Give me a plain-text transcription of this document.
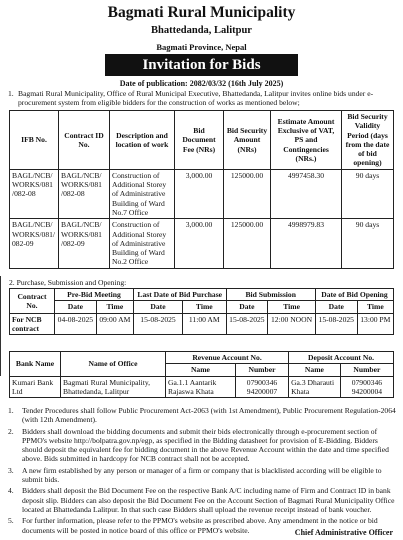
Bagmati Rural Municipality
Bhattedanda, Lalitpur
Bagmati Province, Nepal
Invitation for Bids
Date of publication: 2082/03/32 (16th July 2025)
1. Bagmati Rural Municipality, Office of Rural Municipal Executive, Bhattedanda, Lalitpur invites online bids under e-procurement system from eligible bidders for the construction of works as mentioned below;
IFB No.	Contract ID No.	Description and location of work	Bid Document Fee (NRs)	Bid Security Amount (NRs)	Estimate Amount Exclusive of VAT, PS and Contingencies (NRs.)	Bid Security Validity Period (days from the date of bid opening)
BAGL/NCB/ WORKS/081 /082-08	BAGL/NCB/ WORKS/081 /082-08	Construction of Additional Storey of Administrative Building of Ward No.7 Office	3,000.00	125000.00	4997458.30	90 days
BAGL/NCB/ WORKS/081/ 082-09	BAGL/NCB/ WORKS/081 /082-09	Construction of Additional Storey of Administrative Building of Ward No.2 Office	3,000.00	125000.00	4998979.83	90 days
2. Purchase, Submission and Opening:
Contract No.	Pre-Bid Meeting		Last Date of Bid Purchase		Bid Submission		Date of Bid Opening	
	Date	Time	Date	Time	Date	Time	Date	Time
For NCB contract	04-08-2025	09:00 AM	15-08-2025	11:00 AM	15-08-2025	12:00 NOON	15-08-2025	13:00 PM
Bank Name	Name of Office	Revenue Account No.		Deposit Account No.	
		Name	Number	Name	Number
Kumari Bank Ltd	Bagmati Rural Municipality, Bhattedanda, Lalitpur	Ga.1.1 Aantarik Rajaswa Khata	07900346 94200007	Ga.3 Dharauti Khata	07900346 94200004
1.	Tender Procedures shall follow Public Procurement Act-2063 (with 1st Amendment), Public Procurement Regulation-2064 (with 12th Amendment).
2.	Bidders shall download the bidding documents and submit their bids electronically through e-procurement section of PPMO's website http://bolpatra.gov.np/egp, as specified in the Bidding datasheet for provision of E-Bidding. Bidders should deposit the equivalent fee for bidding document in the above Revenue Account within the date and time specified above. Bids submitted in hardcopy for NCB contract shall not be accepted.
3.	A new firm established by any person or manager of a firm or company that is blacklisted according will be eligible to submit bids.
4.	Bidders shall deposit the Bid Document Fee on the respective Bank A/C including name of Firm and Contract ID in bank deposit slip. Bidders can also deposit the Bid Document Fee on the Account Section of Bagmati Rural Municipality Office located at Bhattedanda Lalitpur. In that such case Bidders shall upload the revenue receipt instead of bank voucher.
5.	For further information, please refer to the PPMO's website as prescribed above. Any amendment in the notice or bid documents will be posted in notice board of this office or PPMO's website.	Chief Administrative Officer
